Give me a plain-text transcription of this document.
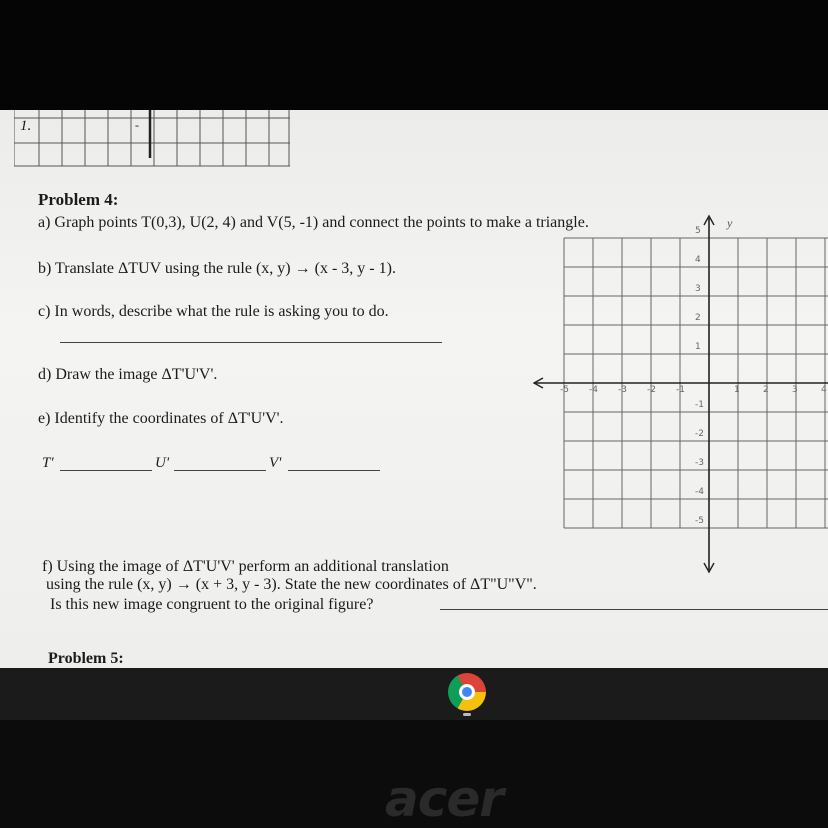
1.	-
Problem 4:
a) Graph points T(0,3), U(2, 4) and V(5, -1) and connect the points to make a triangle.
b) Translate ΔTUV using the rule (x, y) → (x - 3, y - 1).
c) In words, describe what the rule is asking you to do.
d) Draw the image ΔT'U'V'.
e) Identify the coordinates of ΔT'U'V'.
T'	U'	V'
f) Using the image of ΔT'U'V' perform an additional translation
using the rule (x, y) → (x + 3, y - 3). State the new coordinates of ΔT"U"V".
Is this new image congruent to the original figure?
Problem 5:
y
-5 -4 -3 -2 -1	1	2	3	4
5
4
3
2
1
-1
-2
-3
-4
-5
acer
